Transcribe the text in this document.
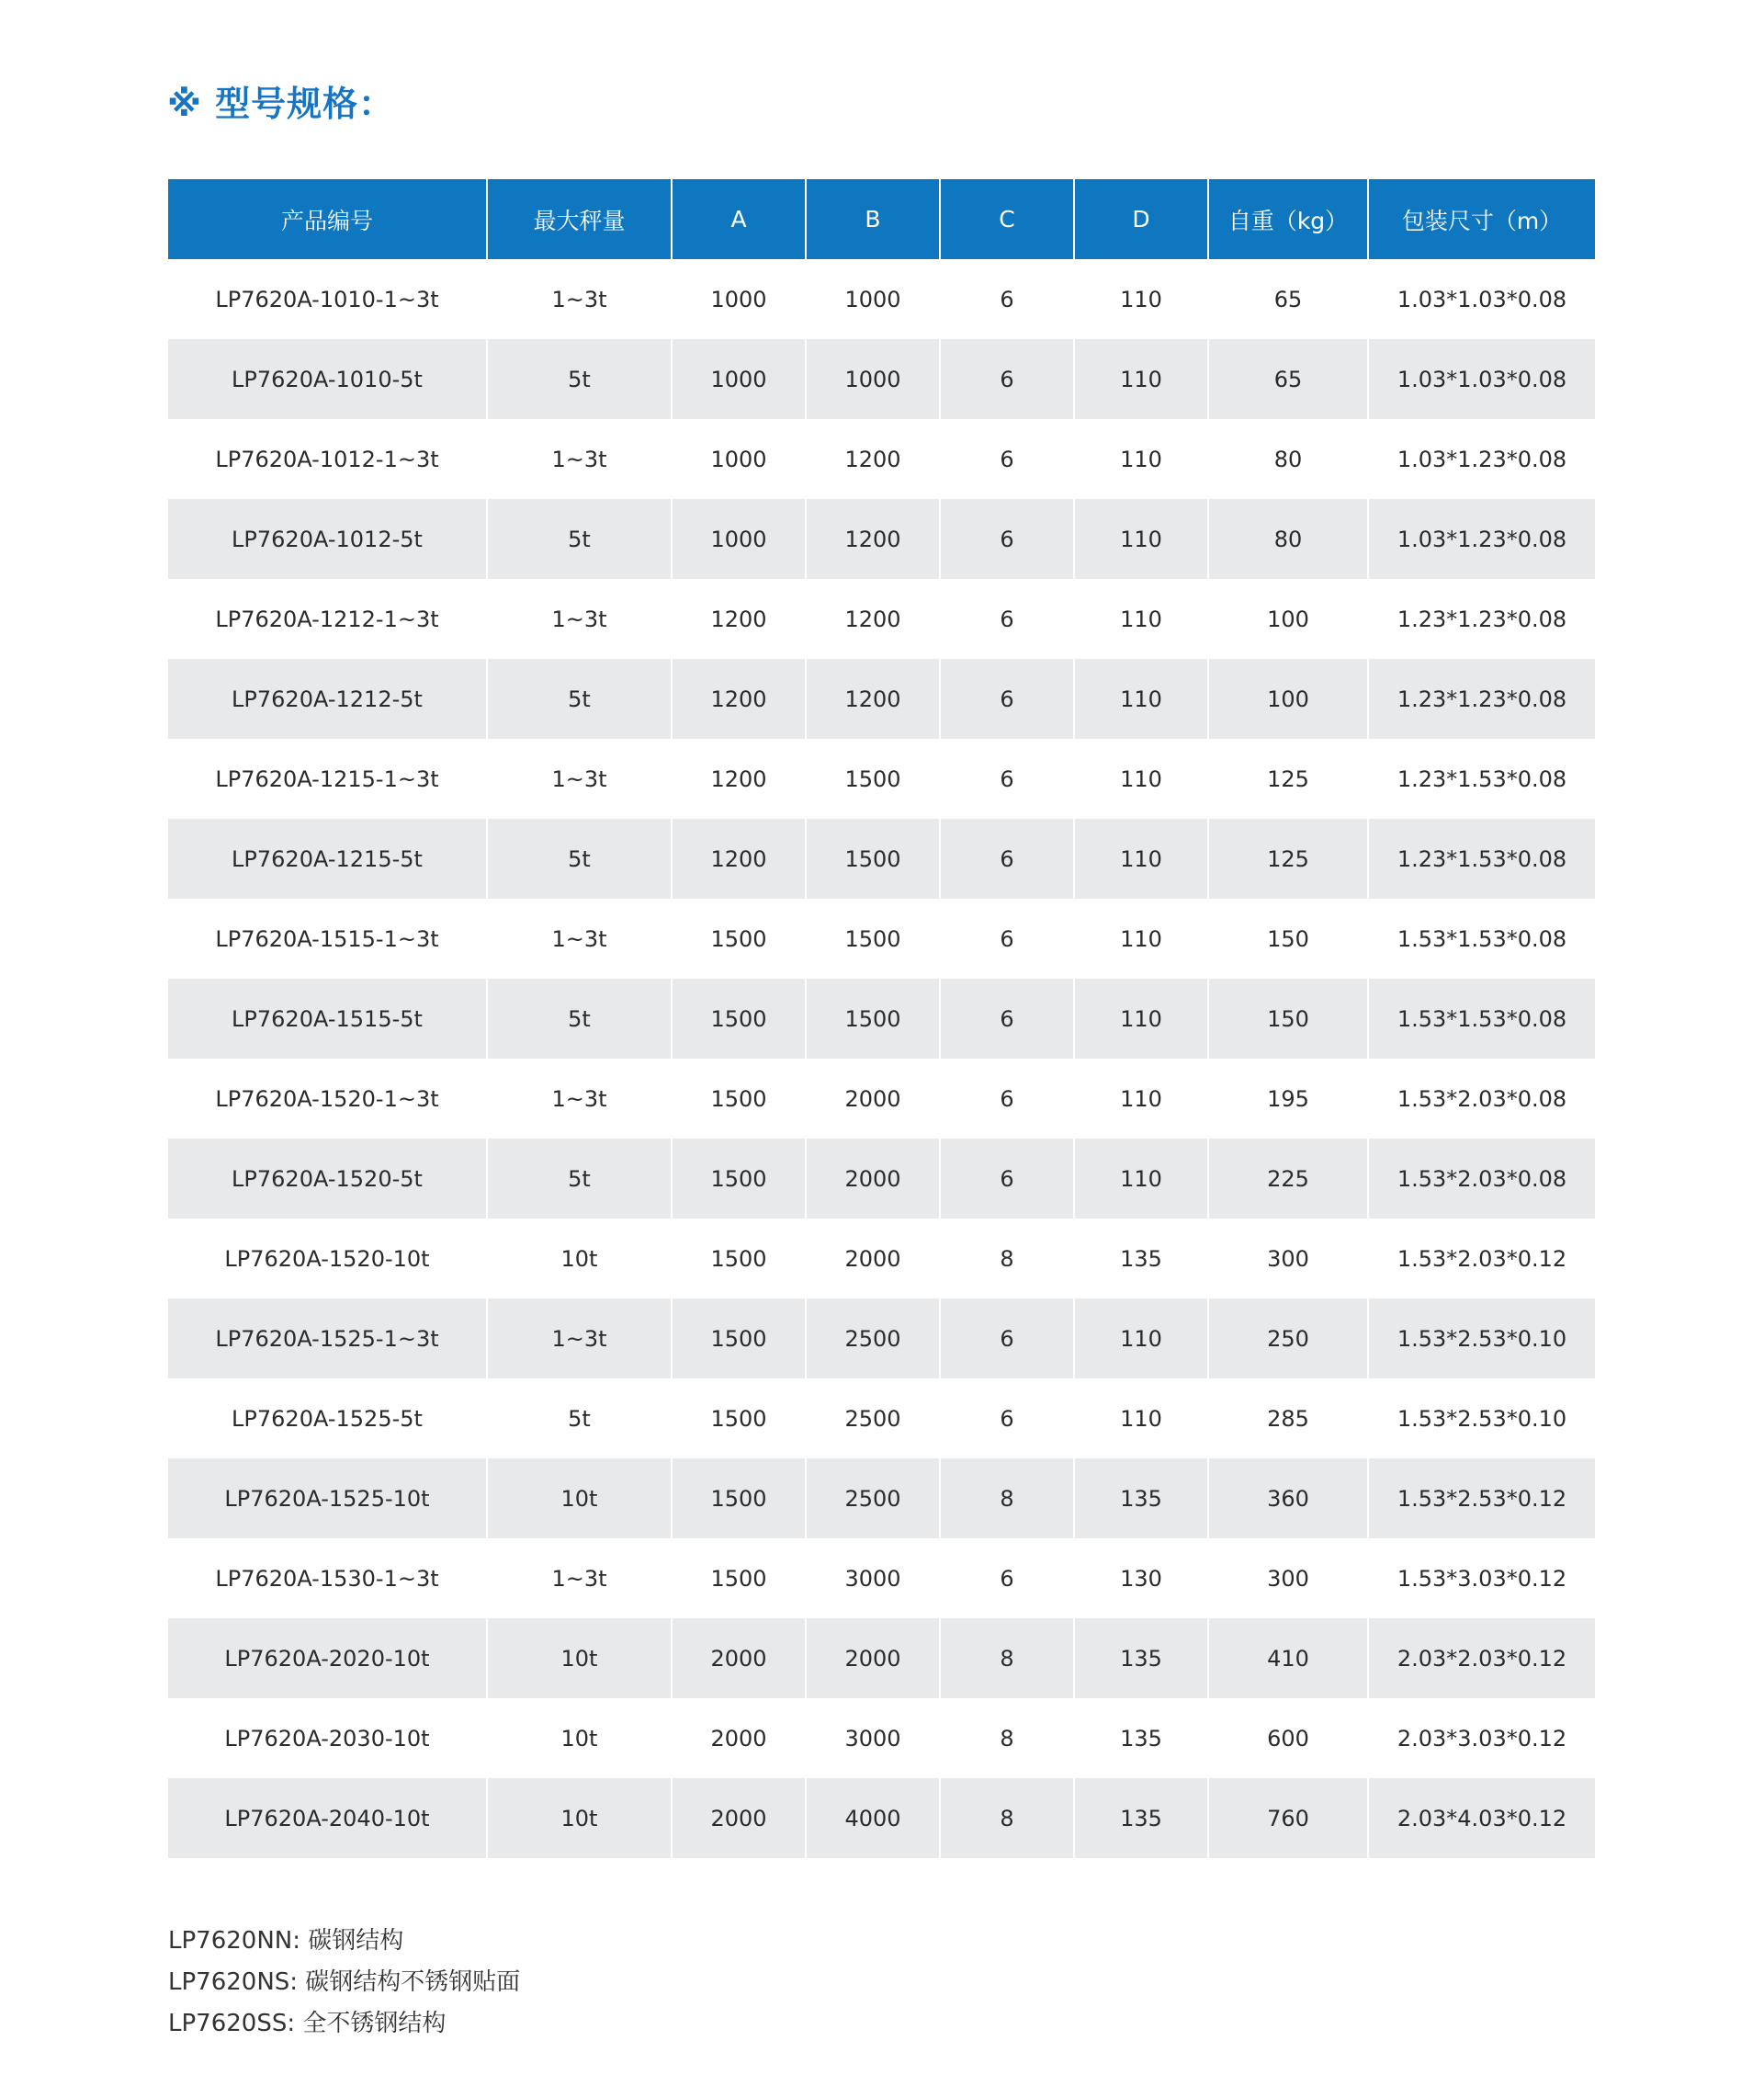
※ 型号规格：
产品编号	最大秤量	A	B	C	D	自重（kg）	包装尺寸（m）
LP7620A-1010-1~3t	1~3t	1000	1000	6	110	65	1.03*1.03*0.08
LP7620A-1010-5t	5t	1000	1000	6	110	65	1.03*1.03*0.08
LP7620A-1012-1~3t	1~3t	1000	1200	6	110	80	1.03*1.23*0.08
LP7620A-1012-5t	5t	1000	1200	6	110	80	1.03*1.23*0.08
LP7620A-1212-1~3t	1~3t	1200	1200	6	110	100	1.23*1.23*0.08
LP7620A-1212-5t	5t	1200	1200	6	110	100	1.23*1.23*0.08
LP7620A-1215-1~3t	1~3t	1200	1500	6	110	125	1.23*1.53*0.08
LP7620A-1215-5t	5t	1200	1500	6	110	125	1.23*1.53*0.08
LP7620A-1515-1~3t	1~3t	1500	1500	6	110	150	1.53*1.53*0.08
LP7620A-1515-5t	5t	1500	1500	6	110	150	1.53*1.53*0.08
LP7620A-1520-1~3t	1~3t	1500	2000	6	110	195	1.53*2.03*0.08
LP7620A-1520-5t	5t	1500	2000	6	110	225	1.53*2.03*0.08
LP7620A-1520-10t	10t	1500	2000	8	135	300	1.53*2.03*0.12
LP7620A-1525-1~3t	1~3t	1500	2500	6	110	250	1.53*2.53*0.10
LP7620A-1525-5t	5t	1500	2500	6	110	285	1.53*2.53*0.10
LP7620A-1525-10t	10t	1500	2500	8	135	360	1.53*2.53*0.12
LP7620A-1530-1~3t	1~3t	1500	3000	6	130	300	1.53*3.03*0.12
LP7620A-2020-10t	10t	2000	2000	8	135	410	2.03*2.03*0.12
LP7620A-2030-10t	10t	2000	3000	8	135	600	2.03*3.03*0.12
LP7620A-2040-10t	10t	2000	4000	8	135	760	2.03*4.03*0.12
LP7620NN: 碳钢结构
LP7620NS: 碳钢结构不锈钢贴面
LP7620SS: 全不锈钢结构
